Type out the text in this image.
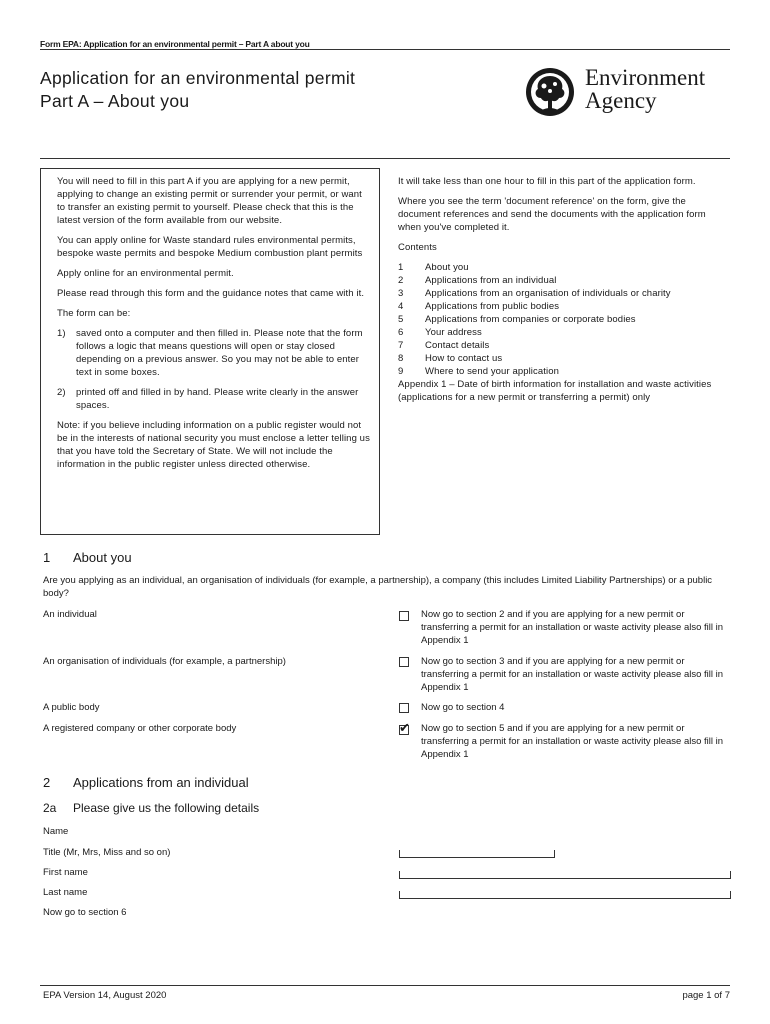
Form EPA: Application for an environmental permit – Part A about you
Application for an environmental permit
Part A – About you
Environment
Agency

You will need to fill in this part A if you are applying for a new permit, applying to change an existing permit or surrender your permit, or want to transfer an existing permit to yourself. Please check that this is the latest version of the form available from our website.

You can apply online for Waste standard rules environmental permits, bespoke waste permits and bespoke Medium combustion plant permits

Apply online for an environmental permit.

Please read through this form and the guidance notes that came with it.

The form can be:

1)	saved onto a computer and then filled in. Please note that the form follows a logic that means questions will open or stay closed depending on a previous answer. So you may not be able to enter text in some boxes.
2)	printed off and filled in by hand. Please write clearly in the answer spaces.

Note: if you believe including information on a public register would not be in the interests of national security you must enclose a letter telling us that you have told the Secretary of State. We will not include the information in the public register unless directed otherwise.

It will take less than one hour to fill in this part of the application form.

Where you see the term 'document reference' on the form, give the document references and send the documents with the application form when you've completed it.

Contents

1	About you
2	Applications from an individual
3	Applications from an organisation of individuals or charity
4	Applications from public bodies
5	Applications from companies or corporate bodies
6	Your address
7	Contact details
8	How to contact us
9	Where to send your application
Appendix 1 – Date of birth information for installation and waste activities (applications for a new permit or transferring a permit) only
1 About you
Are you applying as an individual, an organisation of individuals (for example, a partnership), a company (this includes Limited Liability Partnerships) or a public body?
An individual	Now go to section 2 and if you are applying for a new permit or transferring a permit for an installation or waste activity please also fill in Appendix 1
An organisation of individuals (for example, a partnership)	Now go to section 3 and if you are applying for a new permit or transferring a permit for an installation or waste activity please also fill in Appendix 1
A public body	Now go to section 4
A registered company or other corporate body	✔ Now go to section 5 and if you are applying for a new permit or transferring a permit for an installation or waste activity please also fill in Appendix 1
2 Applications from an individual
2a Please give us the following details
Name
Title (Mr, Mrs, Miss and so on)
First name
Last name
Now go to section 6
EPA Version 14, August 2020	page 1 of 7
